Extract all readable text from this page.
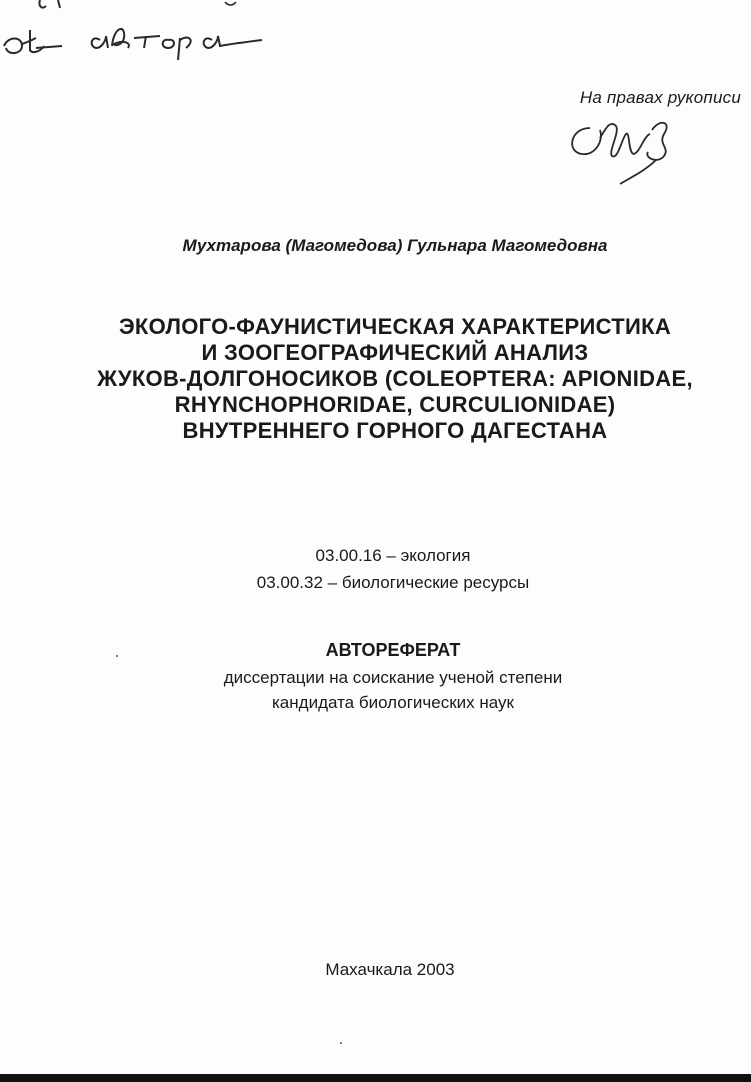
от автора
На правах рукописи
Мухтарова (Магомедова) Гульнара Магомедовна
ЭКОЛОГО-ФАУНИСТИЧЕСКАЯ ХАРАКТЕРИСТИКА
И ЗООГЕОГРАФИЧЕСКИЙ АНАЛИЗ
ЖУКОВ-ДОЛГОНОСИКОВ (COLEOPTERA: APIONIDAE,
RHYNCHOPHORIDAE, CURCULIONIDAE)
ВНУТРЕННЕГО ГОРНОГО ДАГЕСТАНА
03.00.16 – экология
03.00.32 – биологические ресурсы
АВТОРЕФЕРАТ
диссертации на соискание ученой степени
кандидата биологических наук
Махачкала 2003
